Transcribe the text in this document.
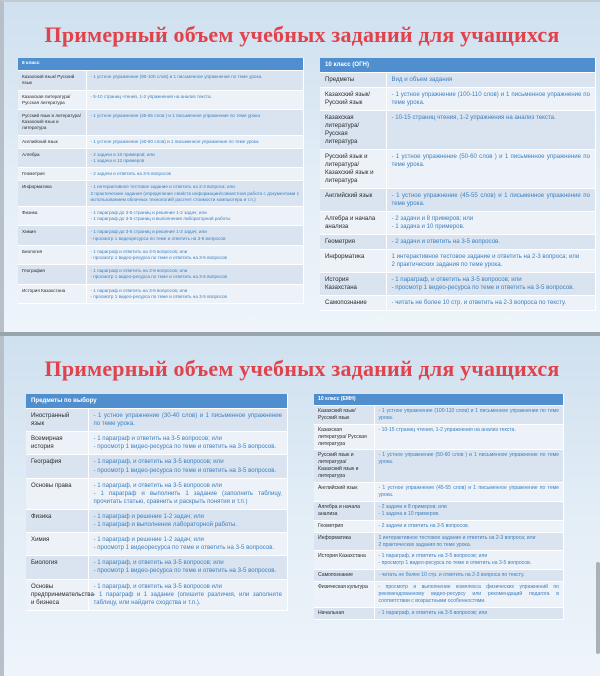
Примерный объем учебных заданий для учащихся
8 класс	
Казахский язык/ Русский язык	- 1 устное упражнение (90-100 слов) и 1 письменное упражнение по теме урока.
Казахская литература/Русская литература	- 5-10 страниц чтения, 1-2 упражнения на анализ текста.
Русский язык и литература/ Казахский язык и литература	- 1 устное упражнение (45-55 слов ) и 1 письменное упражнение по теме урока
Английский язык	- 1 устное упражнение (40-50 слов) и 1 письменное упражнение по теме урока
Алгебра	- 2 задачи и 10 примеров; или
- 1 задача и 12 примеров
Геометрия	- 2 задачи и ответить на 3-5 вопросов
Информатика	- 1 интерактивное тестовое задание и ответить на 2-3 вопроса; или
2 практические задания (определение свойств информации/совместная работа с документами с использованием облачных технологий/ рассчет стоимости компьютера и т.п.)
Физика	- 1 параграф до 3-5 страниц и решение 1-2 задач; или
- 1 параграф до 3-5 страниц и выполнение лабораторной работы
Химия	- 1 параграф до 3-5 страниц и решение 1-2 задач; или
- просмотр 1 видеоресурса по теме и ответить на 3-5 вопросов
Биология	- 1 параграф и ответить на 3-5 вопросов; или
- просмотр 1 видео-ресурса по теме и ответить на 3-5 вопросов
География	- 1 параграф и ответить на 3-5 вопросов; или
- просмотр 1 видео-ресурса по теме и ответить на 3-5 вопросов
История Казахстана	- 1 параграф и ответить на 3-5 вопросов; или
- просмотр 1 видео-ресурса по теме и ответить на 3-5 вопросов
10 класс (ОГН)	
Предметы	Вид и объем задания
Казахский язык/ Русский язык	- 1 устное упражнение (100-110 слов) и 1 письменное упражнение по теме урока.
Казахская литература/ Русская литература	- 10-15 страниц чтения, 1-2 упражнения на анализ текста.
Русский язык и литература/ Казахский язык и литература	- 1 устное упражнение (50-60 слов ) и 1 письменное упражнение по теме урока.
Английский язык	- 1 устное упражнение (45-55 слов) и 1 письменное упражнение по теме урока.
Алгебра и начала анализа	- 2 задачи и 8 примеров; или
- 1 задача и 10 примеров.
Геометрия	- 2 задачи и ответить на 3-5 вопросов.
Информатика	1 интерактивное тестовое задание и ответить на 2-3 вопроса; или
2 практических задания по теме урока.
История Казахстана	- 1 параграф, и ответить на 3-5 вопросов; или
- просмотр 1 видео-ресурса по теме и ответить на 3-5 вопросов.
Самопознание	- читать не более 10 стр. и ответить на 2-3 вопроса по тексту.
Примерный объем учебных заданий для учащихся
Предметы по выбору	
Иностранный язык	- 1 устное упражнение (30-40 слов) и 1 письменное упражнение по теме урока.
Всемирная история	- 1 параграф и ответить на 3-5 вопросов; или
- просмотр 1 видео-ресурса по теме и ответить на 3-5 вопросов.
География	- 1 параграф, и ответить на 3-5 вопросов; или
- просмотр 1 видео-ресурса по теме и ответить на 3-5 вопросов.
Основы права	- 1 параграф, и ответить на 3-5 вопросов или
- 1 параграф и выполнить 1 задание (заполнить таблицу, прочитать статью, сравнить и раскрыть понятия и т.п.)
Физика	- 1 параграф и решение 1-2 задач; или
- 1 параграф и выполнение лабораторной работы.
Химия	- 1 параграф и решение 1-2 задач; или
- просмотр 1 видеоресурса по теме и ответить на 3-5 вопросов.
Биология	- 1 параграф, и ответить на 3-5 вопросов; или
- просмотр 1 видео-ресурса по теме и ответить на 3-5 вопросов.
Основы предпринимательства и бизнеса	- 1 параграф, и ответить на 3-5 вопросов или
- 1 параграф и 1 задание (опишите различия, или заполните таблицу, или найдите сходства и т.п.).
10 класс (ЕМН)	
Казахский язык/ Русский язык	- 1 устное упражнение (100-110 слов) и 1 письменное упражнение по теме урока.
Казахская литература/ Русская литература	- 10-15 страниц чтения, 1-2 упражнения на анализ текста.
Русский язык и литература/ Казахский язык и литература	- 1 устное упражнение (50-60 слов ) и 1 письменное упражнение по теме урока.
Английский язык	- 1 устное упражнение (45-55 слов) и 1 письменное упражнение по теме урока.
Алгебра и начала анализа	- 2 задачи и 8 примеров; или
- 1 задача и 10 примеров.
Геометрия	- 2 задачи и ответить на 3-5 вопросов.
Информатика	1 интерактивное тестовое задание и ответить на 2-3 вопроса; или
2 практических задания по теме урока.
История Казахстана	- 1 параграф, и ответить на 3-5 вопросов; или
- просмотр 1 видео-ресурса по теме и ответить на 3-5 вопросов.
Самопознание	- читать не более 10 стр. и ответить на 2-3 вопроса по тексту.
Физическая культура	- просмотр и выполнение комплекса физических упражнений по рекомендованному видео-ресурсу или рекомендаций педагога в соответствии с возрастными особенностями.
Начальная	- 1 параграф, и ответить на 3-5 вопросов; или
